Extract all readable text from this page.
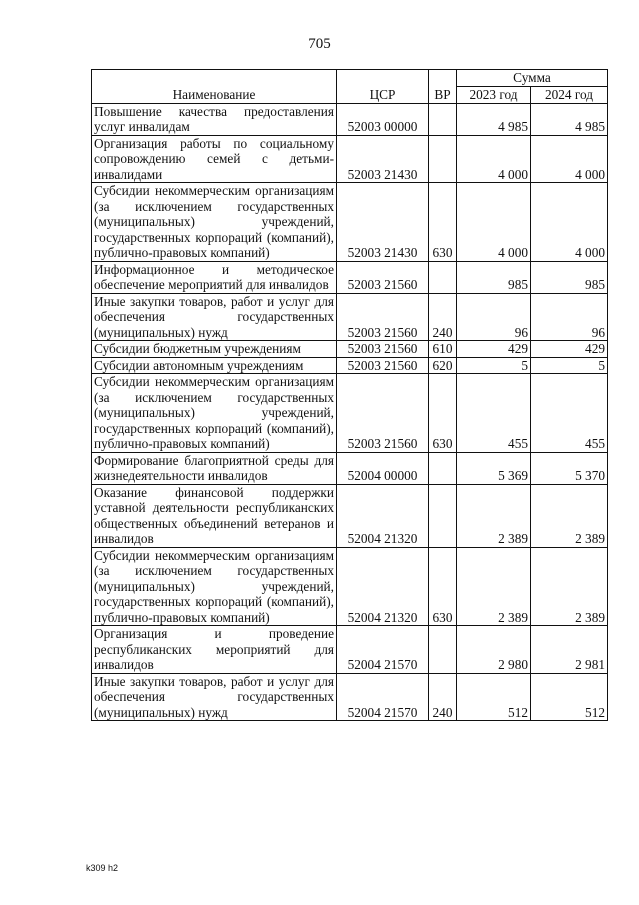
705
Наименование	ЦСР	ВР	Сумма	
			2023 год	2024 год
Повышение качества предоставления услуг инвалидам	52003 00000		4 985	4 985
Организация работы по социальному сопровождению семей с детьми-инвалидами	52003 21430		4 000	4 000
Субсидии некоммерческим организациям (за исключением государственных (муниципальных) учреждений, государственных корпораций (компаний), публично-правовых компаний)	52003 21430	630	4 000	4 000
Информационное и методическое обеспечение мероприятий для инвалидов	52003 21560		985	985
Иные закупки товаров, работ и услуг для обеспечения государственных (муниципальных) нужд	52003 21560	240	96	96
Субсидии бюджетным учреждениям	52003 21560	610	429	429
Субсидии автономным учреждениям	52003 21560	620	5	5
Субсидии некоммерческим организациям (за исключением государственных (муниципальных) учреждений, государственных корпораций (компаний), публично-правовых компаний)	52003 21560	630	455	455
Формирование благоприятной среды для жизнедеятельности инвалидов	52004 00000		5 369	5 370
Оказание финансовой поддержки уставной деятельности республиканских общественных объединений ветеранов и инвалидов	52004 21320		2 389	2 389
Субсидии некоммерческим организациям (за исключением государственных (муниципальных) учреждений, государственных корпораций (компаний), публично-правовых компаний)	52004 21320	630	2 389	2 389
Организация и проведение республиканских мероприятий для инвалидов	52004 21570		2 980	2 981
Иные закупки товаров, работ и услуг для обеспечения государственных (муниципальных) нужд	52004 21570	240	512	512
k309 h2
